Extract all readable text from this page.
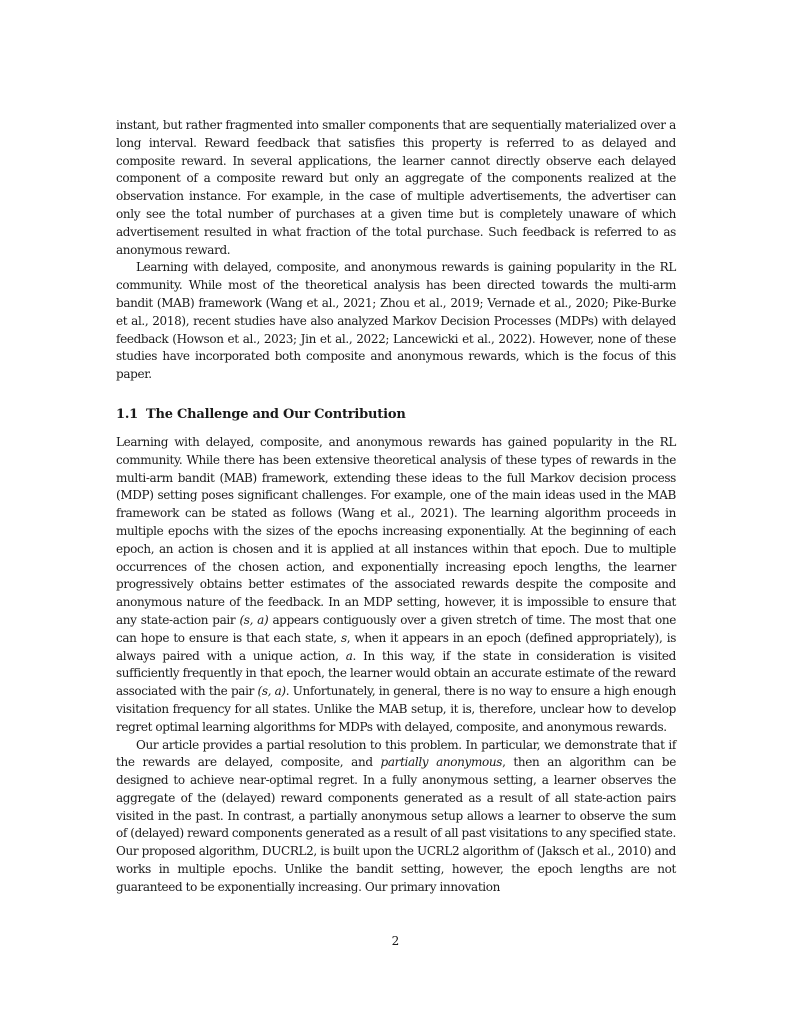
instant, but rather fragmented into smaller components that are sequentially materialized over a long interval. Reward feedback that satisfies this property is referred to as delayed and composite reward. In several applications, the learner cannot directly observe each delayed component of a composite reward but only an aggregate of the components realized at the observation instance. For example, in the case of multiple advertisements, the advertiser can only see the total number of purchases at a given time but is completely unaware of which advertisement resulted in what fraction of the total purchase. Such feedback is referred to as anonymous reward.

Learning with delayed, composite, and anonymous rewards is gaining popularity in the RL community. While most of the theoretical analysis has been directed towards the multi-arm bandit (MAB) framework (Wang et al., 2021; Zhou et al., 2019; Vernade et al., 2020; Pike-Burke et al., 2018), recent studies have also analyzed Markov Decision Processes (MDPs) with delayed feedback (Howson et al., 2023; Jin et al., 2022; Lancewicki et al., 2022). However, none of these studies have incorporated both composite and anonymous rewards, which is the focus of this paper.

1.1 The Challenge and Our Contribution

Learning with delayed, composite, and anonymous rewards has gained popularity in the RL community. While there has been extensive theoretical analysis of these types of rewards in the multi-arm bandit (MAB) framework, extending these ideas to the full Markov decision process (MDP) setting poses significant challenges. For example, one of the main ideas used in the MAB framework can be stated as follows (Wang et al., 2021). The learning algorithm proceeds in multiple epochs with the sizes of the epochs increasing exponentially. At the beginning of each epoch, an action is chosen and it is applied at all instances within that epoch. Due to multiple occurrences of the chosen action, and exponentially increasing epoch lengths, the learner progressively obtains better estimates of the associated rewards despite the composite and anonymous nature of the feedback. In an MDP setting, however, it is impossible to ensure that any state-action pair (s, a) appears contiguously over a given stretch of time. The most that one can hope to ensure is that each state, s, when it appears in an epoch (defined appropriately), is always paired with a unique action, a. In this way, if the state in consideration is visited sufficiently frequently in that epoch, the learner would obtain an accurate estimate of the reward associated with the pair (s, a). Unfortunately, in general, there is no way to ensure a high enough visitation frequency for all states. Unlike the MAB setup, it is, therefore, unclear how to develop regret optimal learning algorithms for MDPs with delayed, composite, and anonymous rewards.

Our article provides a partial resolution to this problem. In particular, we demonstrate that if the rewards are delayed, composite, and partially anonymous, then an algorithm can be designed to achieve near-optimal regret. In a fully anonymous setting, a learner observes the aggregate of the (delayed) reward components generated as a result of all state-action pairs visited in the past. In contrast, a partially anonymous setup allows a learner to observe the sum of (delayed) reward components generated as a result of all past visitations to any specified state. Our proposed algorithm, DUCRL2, is built upon the UCRL2 algorithm of (Jaksch et al., 2010) and works in multiple epochs. Unlike the bandit setting, however, the epoch lengths are not guaranteed to be exponentially increasing. Our primary innovation

2
